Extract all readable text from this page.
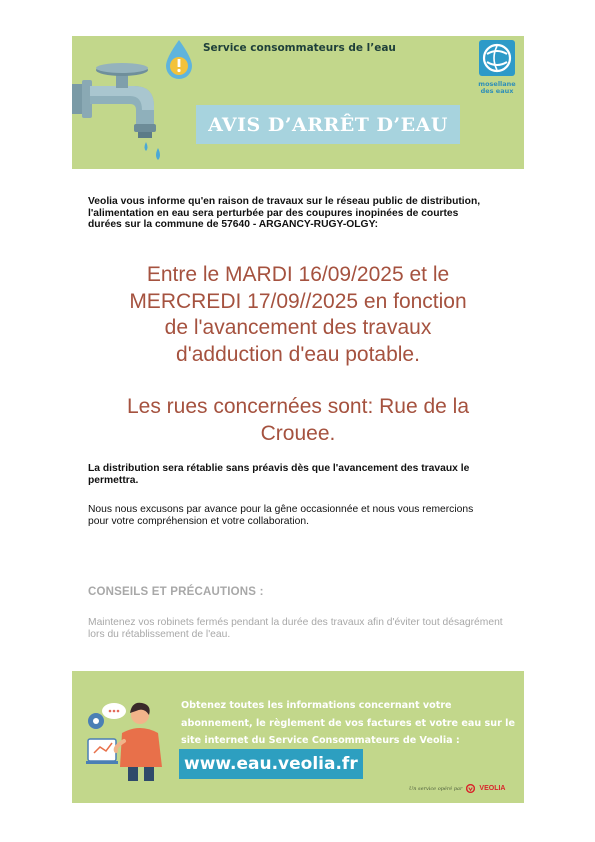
Service consommateurs de l’eau
mosellane
des eaux
AVIS D’ARRÊT D’EAU
Veolia vous informe qu'en raison de travaux sur le réseau public de distribution, l'alimentation en eau sera perturbée par des coupures inopinées de courtes durées sur la commune de 57640 - ARGANCY-RUGY-OLGY:
Entre le MARDI 16/09/2025 et le
MERCREDI 17/09//2025 en fonction
de l'avancement des travaux
d'adduction d'eau potable.
Les rues concernées sont: Rue de la
Crouee.
La distribution sera rétablie sans préavis dès que l'avancement des travaux le permettra.
Nous nous excusons par avance pour la gêne occasionnée et nous vous remercions pour votre compréhension et votre collaboration.
CONSEILS ET PRÉCAUTIONS :
Maintenez vos robinets fermés pendant la durée des travaux afin d'éviter tout désagrément lors du rétablissement de l'eau.
Obtenez toutes les informations concernant votre
abonnement, le règlement de vos factures et votre eau sur le
site internet du Service Consommateurs de Veolia :
www.eau.veolia.fr
Un service opéré par VEOLIA
